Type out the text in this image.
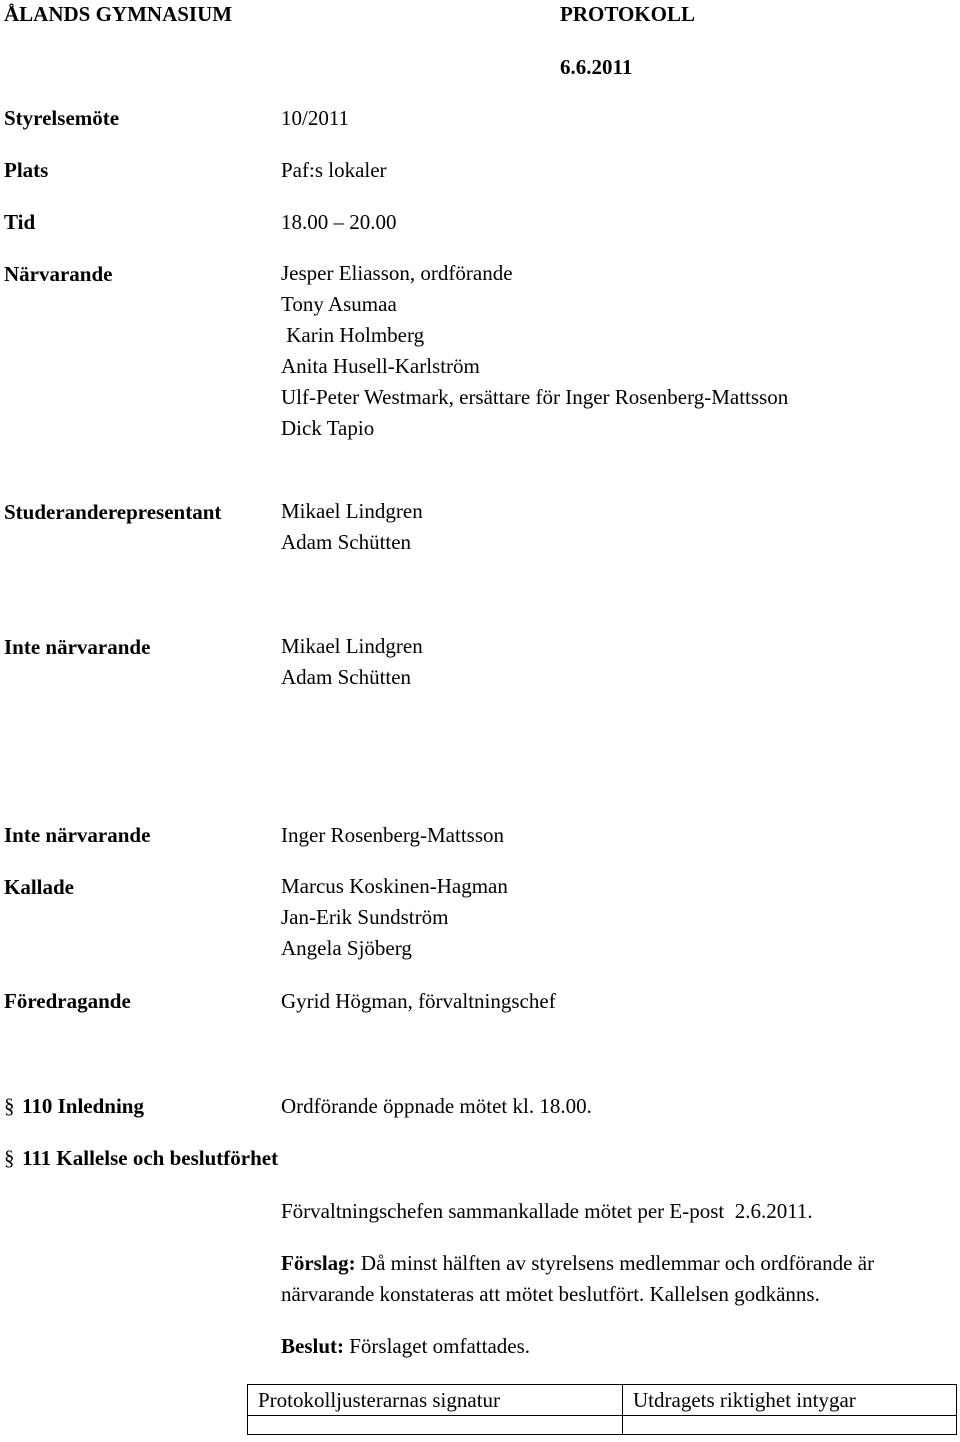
ÅLANDS GYMNASIUM	PROTOKOLL
6.6.2011
Styrelsemöte	10/2011
Plats	Paf:s lokaler
Tid	18.00 – 20.00
Närvarande	Jesper Eliasson, ordförande
Tony Asumaa
Karin Holmberg
Anita Husell-Karlström
Ulf-Peter Westmark, ersättare för Inger Rosenberg-Mattsson
Dick Tapio
Studeranderepresentant	Mikael Lindgren
Adam Schütten
Inte närvarande	Mikael Lindgren
Adam Schütten
Inte närvarande	Inger Rosenberg-Mattsson
Kallade	Marcus Koskinen-Hagman
Jan-Erik Sundström
Angela Sjöberg
Föredragande	Gyrid Högman, förvaltningschef
§ 110 Inledning	Ordförande öppnade mötet kl. 18.00.
§ 111 Kallelse och beslutförhet
Förvaltningschefen sammankallade mötet per E-post  2.6.2011.
Förslag: Då minst hälften av styrelsens medlemmar och ordförande är närvarande konstateras att mötet beslutfört. Kallelsen godkänns.
Beslut: Förslaget omfattades.
Protokolljusterarnas signatur	Utdragets riktighet intygar
